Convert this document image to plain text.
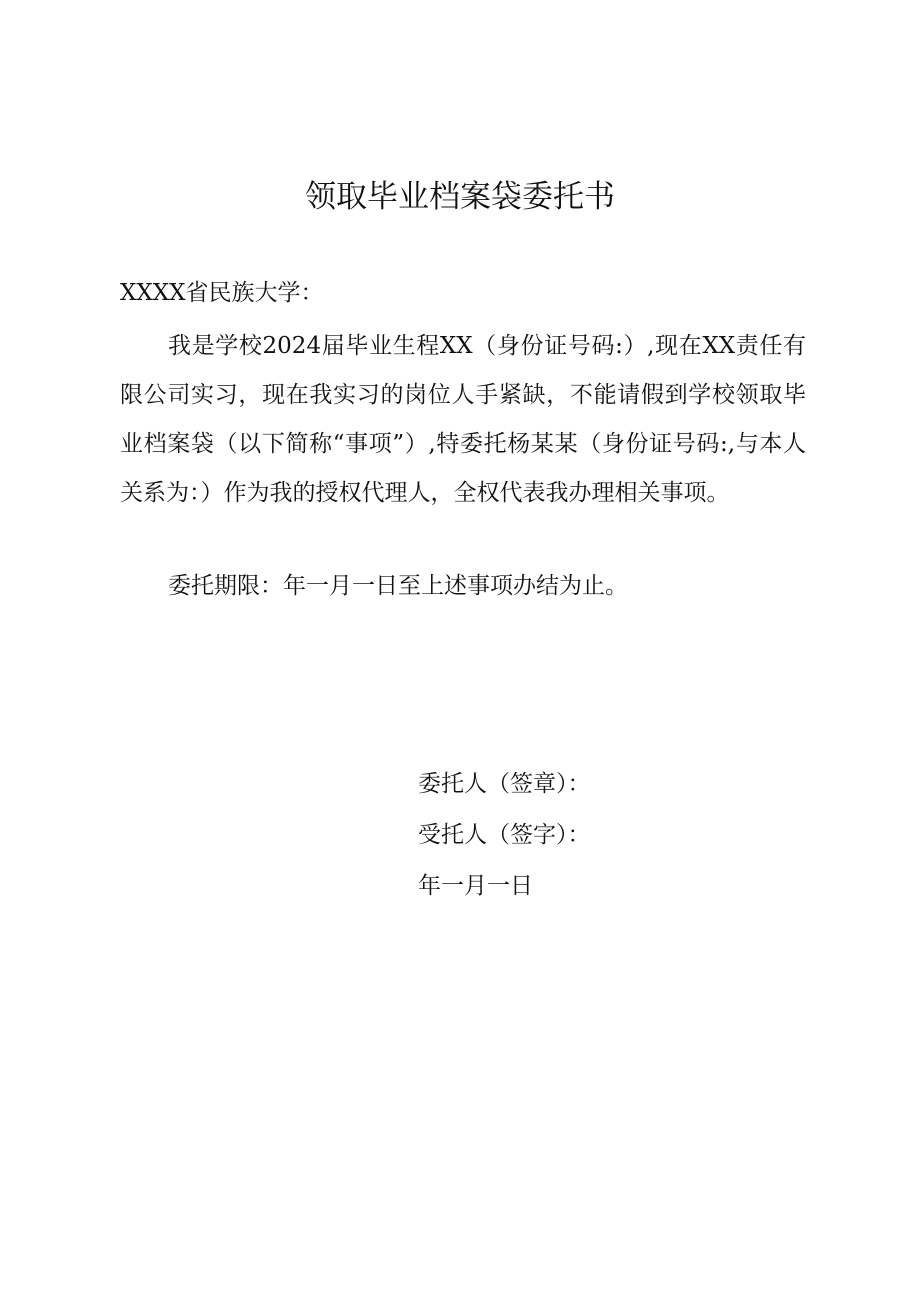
领取毕业档案袋委托书
XXXX省民族大学：
我是学校2024届毕业生程XX（身份证号码:）,现在XX责任有限公司实习，现在我实习的岗位人手紧缺，不能请假到学校领取毕业档案袋（以下简称“事项”）,特委托杨某某（身份证号码:,与本人关系为：）作为我的授权代理人，全权代表我办理相关事项。
委托期限：年一月一日至上述事项办结为止。
委托人（签章）：
受托人（签字）：
年一月一日
